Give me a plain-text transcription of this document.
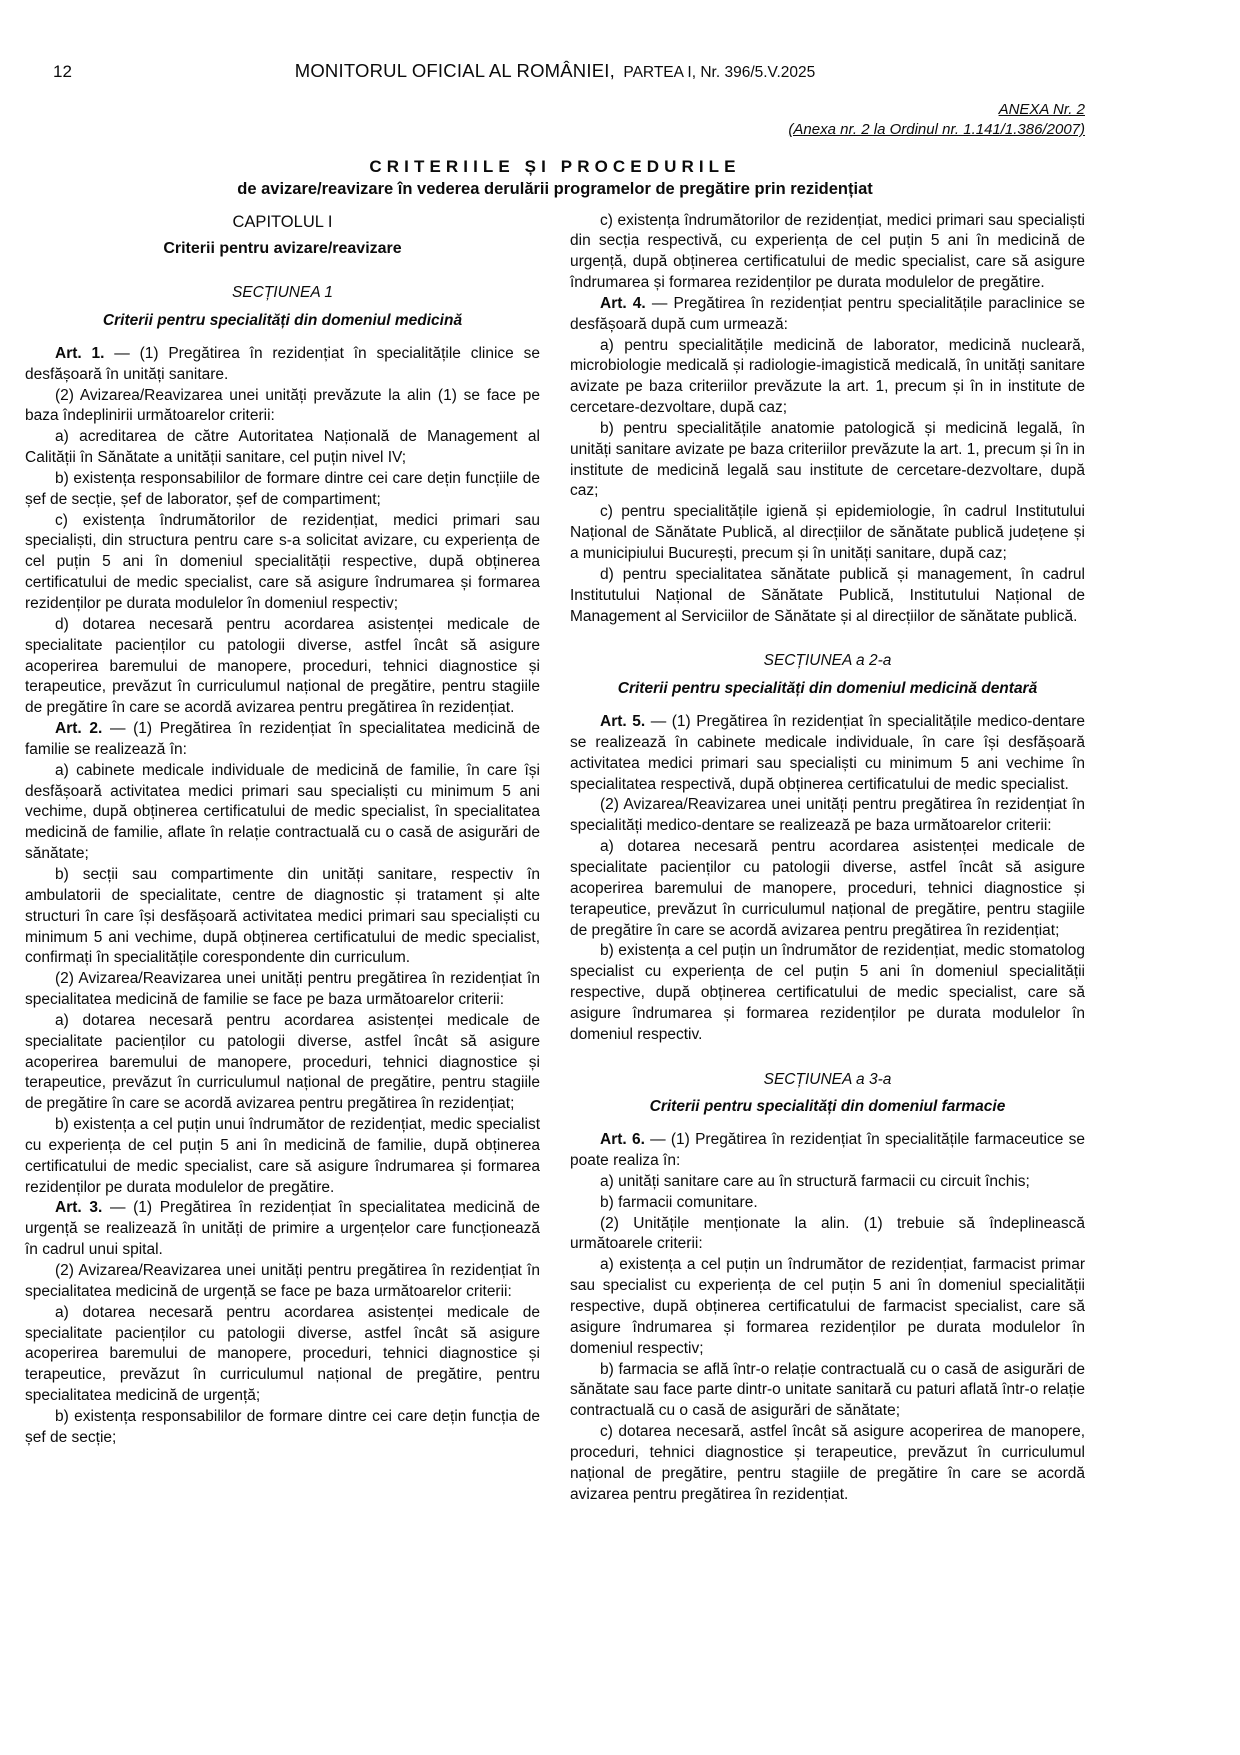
12	MONITORUL OFICIAL AL ROMÂNIEI, PARTEA I, Nr. 396/5.V.2025
ANEXA Nr. 2
(Anexa nr. 2 la Ordinul nr. 1.141/1.386/2007)
CRITERIILE ȘI PROCEDURILE
de avizare/reavizare în vederea derulării programelor de pregătire prin rezidențiat
CAPITOLUL I
Criterii pentru avizare/reavizare
SECȚIUNEA 1
Criterii pentru specialități din domeniul medicină

Art. 1. — (1) Pregătirea în rezidențiat în specialitățile clinice se desfășoară în unități sanitare.

(2) Avizarea/Reavizarea unei unități prevăzute la alin (1) se face pe baza îndeplinirii următoarelor criterii:

a) acreditarea de către Autoritatea Națională de Management al Calității în Sănătate a unității sanitare, cel puțin nivel IV;

b) existența responsabililor de formare dintre cei care dețin funcțiile de șef de secție, șef de laborator, șef de compartiment;

c) existența îndrumătorilor de rezidențiat, medici primari sau specialiști, din structura pentru care s-a solicitat avizare, cu experiența de cel puțin 5 ani în domeniul specialității respective, după obținerea certificatului de medic specialist, care să asigure îndrumarea și formarea rezidenților pe durata modulelor în domeniul respectiv;

d) dotarea necesară pentru acordarea asistenței medicale de specialitate pacienților cu patologii diverse, astfel încât să asigure acoperirea baremului de manopere, proceduri, tehnici diagnostice și terapeutice, prevăzut în curriculumul național de pregătire, pentru stagiile de pregătire în care se acordă avizarea pentru pregătirea în rezidențiat.

Art. 2. — (1) Pregătirea în rezidențiat în specialitatea medicină de familie se realizează în:

a) cabinete medicale individuale de medicină de familie, în care își desfășoară activitatea medici primari sau specialiști cu minimum 5 ani vechime, după obținerea certificatului de medic specialist, în specialitatea medicină de familie, aflate în relație contractuală cu o casă de asigurări de sănătate;

b) secții sau compartimente din unități sanitare, respectiv în ambulatorii de specialitate, centre de diagnostic și tratament și alte structuri în care își desfășoară activitatea medici primari sau specialiști cu minimum 5 ani vechime, după obținerea certificatului de medic specialist, confirmați în specialitățile corespondente din curriculum.

(2) Avizarea/Reavizarea unei unități pentru pregătirea în rezidențiat în specialitatea medicină de familie se face pe baza următoarelor criterii:

a) dotarea necesară pentru acordarea asistenței medicale de specialitate pacienților cu patologii diverse, astfel încât să asigure acoperirea baremului de manopere, proceduri, tehnici diagnostice și terapeutice, prevăzut în curriculumul național de pregătire, pentru stagiile de pregătire în care se acordă avizarea pentru pregătirea în rezidențiat;

b) existența a cel puțin unui îndrumător de rezidențiat, medic specialist cu experiența de cel puțin 5 ani în medicină de familie, după obținerea certificatului de medic specialist, care să asigure îndrumarea și formarea rezidenților pe durata modulelor de pregătire.

Art. 3. — (1) Pregătirea în rezidențiat în specialitatea medicină de urgență se realizează în unități de primire a urgențelor care funcționează în cadrul unui spital.

(2) Avizarea/Reavizarea unei unități pentru pregătirea în rezidențiat în specialitatea medicină de urgență se face pe baza următoarelor criterii:

a) dotarea necesară pentru acordarea asistenței medicale de specialitate pacienților cu patologii diverse, astfel încât să asigure acoperirea baremului de manopere, proceduri, tehnici diagnostice și terapeutice, prevăzut în curriculumul național de pregătire, pentru specialitatea medicină de urgență;

b) existența responsabililor de formare dintre cei care dețin funcția de șef de secție;

c) existența îndrumătorilor de rezidențiat, medici primari sau specialiști din secția respectivă, cu experiența de cel puțin 5 ani în medicină de urgență, după obținerea certificatului de medic specialist, care să asigure îndrumarea și formarea rezidenților pe durata modulelor de pregătire.

Art. 4. — Pregătirea în rezidențiat pentru specialitățile paraclinice se desfășoară după cum urmează:

a) pentru specialitățile medicină de laborator, medicină nucleară, microbiologie medicală și radiologie-imagistică medicală, în unități sanitare avizate pe baza criteriilor prevăzute la art. 1, precum și în in institute de cercetare-dezvoltare, după caz;

b) pentru specialitățile anatomie patologică și medicină legală, în unități sanitare avizate pe baza criteriilor prevăzute la art. 1, precum și în in institute de medicină legală sau institute de cercetare-dezvoltare, după caz;

c) pentru specialitățile igienă și epidemiologie, în cadrul Institutului Național de Sănătate Publică, al direcțiilor de sănătate publică județene și a municipiului București, precum și în unități sanitare, după caz;

d) pentru specialitatea sănătate publică și management, în cadrul Institutului Național de Sănătate Publică, Institutului Național de Management al Serviciilor de Sănătate și al direcțiilor de sănătate publică.

SECȚIUNEA a 2-a
Criterii pentru specialități din domeniul medicină dentară

Art. 5. — (1) Pregătirea în rezidențiat în specialitățile medico-dentare se realizează în cabinete medicale individuale, în care își desfășoară activitatea medici primari sau specialiști cu minimum 5 ani vechime în specialitatea respectivă, după obținerea certificatului de medic specialist.

(2) Avizarea/Reavizarea unei unități pentru pregătirea în rezidențiat în specialități medico-dentare se realizează pe baza următoarelor criterii:

a) dotarea necesară pentru acordarea asistenței medicale de specialitate pacienților cu patologii diverse, astfel încât să asigure acoperirea baremului de manopere, proceduri, tehnici diagnostice și terapeutice, prevăzut în curriculumul național de pregătire, pentru stagiile de pregătire în care se acordă avizarea pentru pregătirea în rezidențiat;

b) existența a cel puțin un îndrumător de rezidențiat, medic stomatolog specialist cu experiența de cel puțin 5 ani în domeniul specialității respective, după obținerea certificatului de medic specialist, care să asigure îndrumarea și formarea rezidenților pe durata modulelor în domeniul respectiv.

SECȚIUNEA a 3-a
Criterii pentru specialități din domeniul farmacie

Art. 6. — (1) Pregătirea în rezidențiat în specialitățile farmaceutice se poate realiza în:

a) unități sanitare care au în structură farmacii cu circuit închis;

b) farmacii comunitare.

(2) Unitățile menționate la alin. (1) trebuie să îndeplinească următoarele criterii:

a) existența a cel puțin un îndrumător de rezidențiat, farmacist primar sau specialist cu experiența de cel puțin 5 ani în domeniul specialității respective, după obținerea certificatului de farmacist specialist, care să asigure îndrumarea și formarea rezidenților pe durata modulelor în domeniul respectiv;

b) farmacia se află într-o relație contractuală cu o casă de asigurări de sănătate sau face parte dintr-o unitate sanitară cu paturi aflată într-o relație contractuală cu o casă de asigurări de sănătate;

c) dotarea necesară, astfel încât să asigure acoperirea de manopere, proceduri, tehnici diagnostice și terapeutice, prevăzut în curriculumul național de pregătire, pentru stagiile de pregătire în care se acordă avizarea pentru pregătirea în rezidențiat.
